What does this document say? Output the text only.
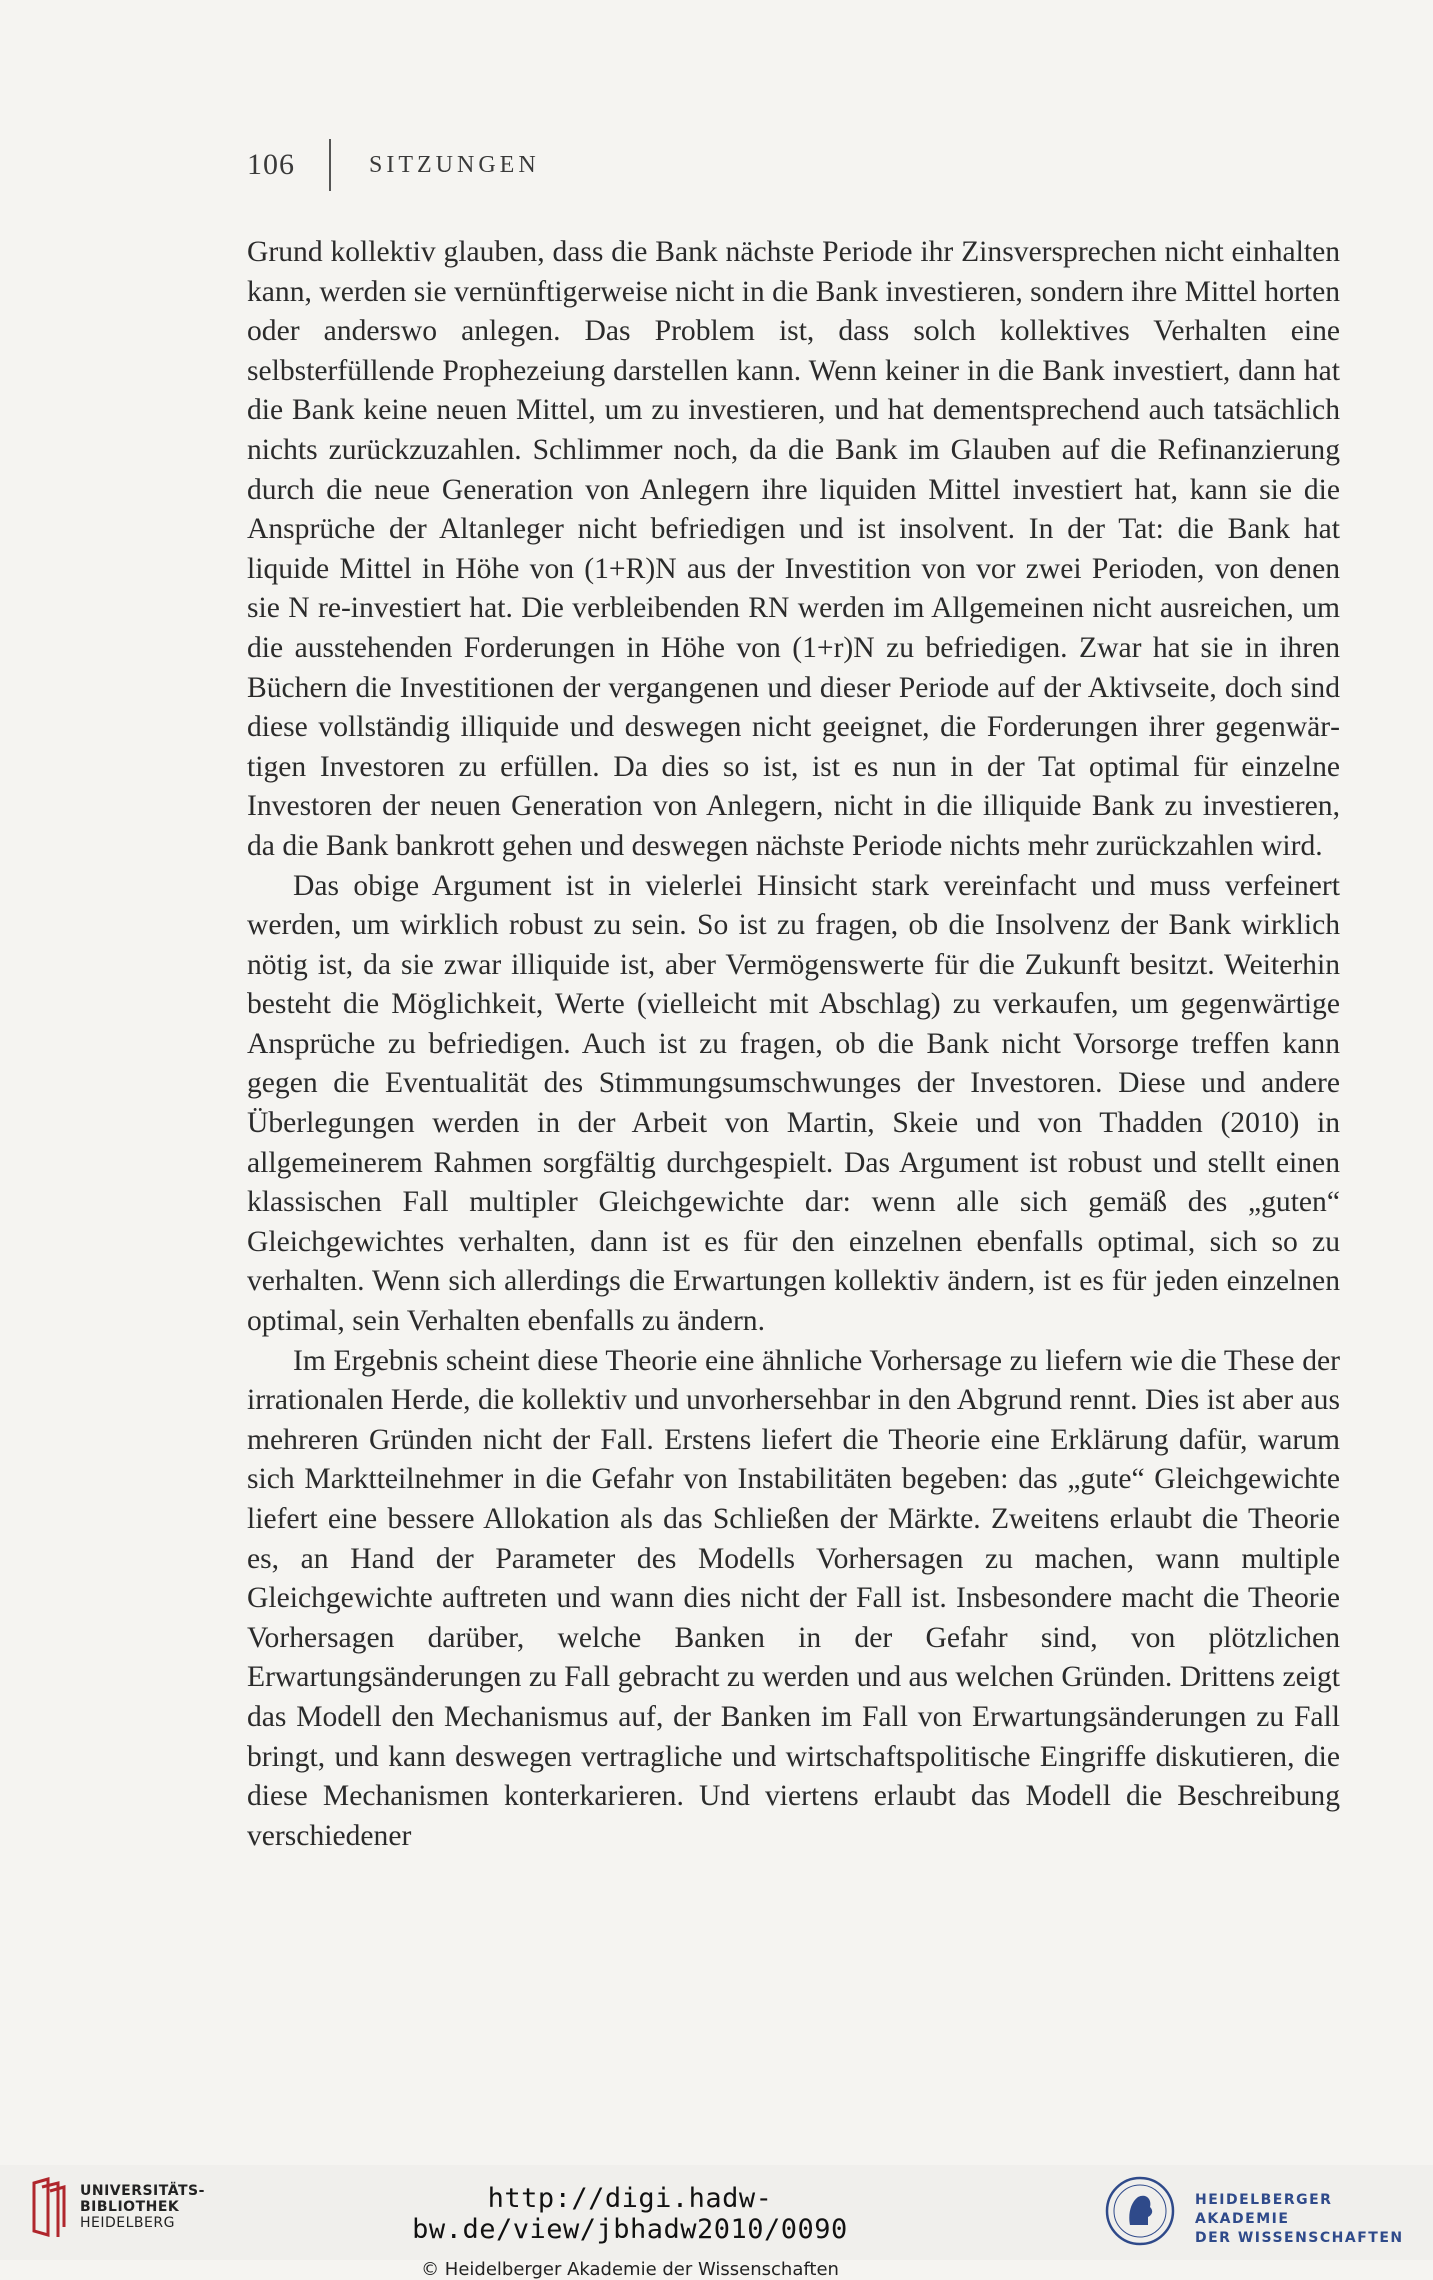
106	SITZUNGEN

Grund kollektiv glauben, dass die Bank nächste Periode ihr Zinsversprechen nicht einhalten kann, werden sie vernünftigerweise nicht in die Bank investieren, sondern ihre Mittel horten oder anderswo anlegen. Das Problem ist, dass solch kollektives Verhalten eine selbsterfüllende Prophezeiung darstellen kann. Wenn keiner in die Bank investiert, dann hat die Bank keine neuen Mittel, um zu investieren, und hat dementsprechend auch tatsächlich nichts zurückzuzahlen. Schlimmer noch, da die Bank im Glauben auf die Refinanzierung durch die neue Generation von Anlegern ihre liquiden Mittel investiert hat, kann sie die Ansprüche der Altanleger nicht befriedigen und ist insolvent. In der Tat: die Bank hat liquide Mittel in Höhe von (1+R)N aus der Investition von vor zwei Perioden, von denen sie N re-investiert hat. Die verbleibenden RN werden im Allgemeinen nicht ausreichen, um die ausstehenden Forderungen in Höhe von (1+r)N zu befriedigen. Zwar hat sie in ihren Büchern die Investitionen der vergangenen und dieser Periode auf der Aktivseite, doch sind diese vollständig illiquide und deswegen nicht geeignet, die Forderungen ihrer gegenwärtigen Investoren zu erfüllen. Da dies so ist, ist es nun in der Tat optimal für einzelne Investoren der neuen Generation von Anlegern, nicht in die illiquide Bank zu investieren, da die Bank bankrott gehen und deswegen nächste Periode nichts mehr zurückzahlen wird.

Das obige Argument ist in vielerlei Hinsicht stark vereinfacht und muss verfeinert werden, um wirklich robust zu sein. So ist zu fragen, ob die Insolvenz der Bank wirklich nötig ist, da sie zwar illiquide ist, aber Vermögenswerte für die Zukunft besitzt. Weiterhin besteht die Möglichkeit, Werte (vielleicht mit Abschlag) zu verkaufen, um gegenwärtige Ansprüche zu befriedigen. Auch ist zu fragen, ob die Bank nicht Vorsorge treffen kann gegen die Eventualität des Stimmungsumschwunges der Investoren. Diese und andere Überlegungen werden in der Arbeit von Martin, Skeie und von Thadden (2010) in allgemeinerem Rahmen sorgfältig durchgespielt. Das Argument ist robust und stellt einen klassischen Fall multipler Gleichgewichte dar: wenn alle sich gemäß des „guten“ Gleichgewichtes verhalten, dann ist es für den einzelnen ebenfalls optimal, sich so zu verhalten. Wenn sich allerdings die Erwartungen kollektiv ändern, ist es für jeden einzelnen optimal, sein Verhalten ebenfalls zu ändern.

Im Ergebnis scheint diese Theorie eine ähnliche Vorhersage zu liefern wie die These der irrationalen Herde, die kollektiv und unvorhersehbar in den Abgrund rennt. Dies ist aber aus mehreren Gründen nicht der Fall. Erstens liefert die Theorie eine Erklärung dafür, warum sich Marktteilnehmer in die Gefahr von Instabilitäten begeben: das „gute“ Gleichgewichte liefert eine bessere Allokation als das Schließen der Märkte. Zweitens erlaubt die Theorie es, an Hand der Parameter des Modells Vorhersagen zu machen, wann multiple Gleichgewichte auftreten und wann dies nicht der Fall ist. Insbesondere macht die Theorie Vorhersagen darüber, welche Banken in der Gefahr sind, von plötzlichen Erwartungsänderungen zu Fall gebracht zu werden und aus welchen Gründen. Drittens zeigt das Modell den Mechanismus auf, der Banken im Fall von Erwartungsänderungen zu Fall bringt, und kann deswegen vertragliche und wirtschaftspolitische Eingriffe diskutieren, die diese Mechanismen konterkarieren. Und viertens erlaubt das Modell die Beschreibung verschiedener

UNIVERSITÄTS-
BIBLIOTHEK
HEIDELBERG
http://digi.hadw-bw.de/view/jbhadw2010/0090
© Heidelberger Akademie der Wissenschaften
HEIDELBERGER AKADEMIE
DER WISSENSCHAFTEN
